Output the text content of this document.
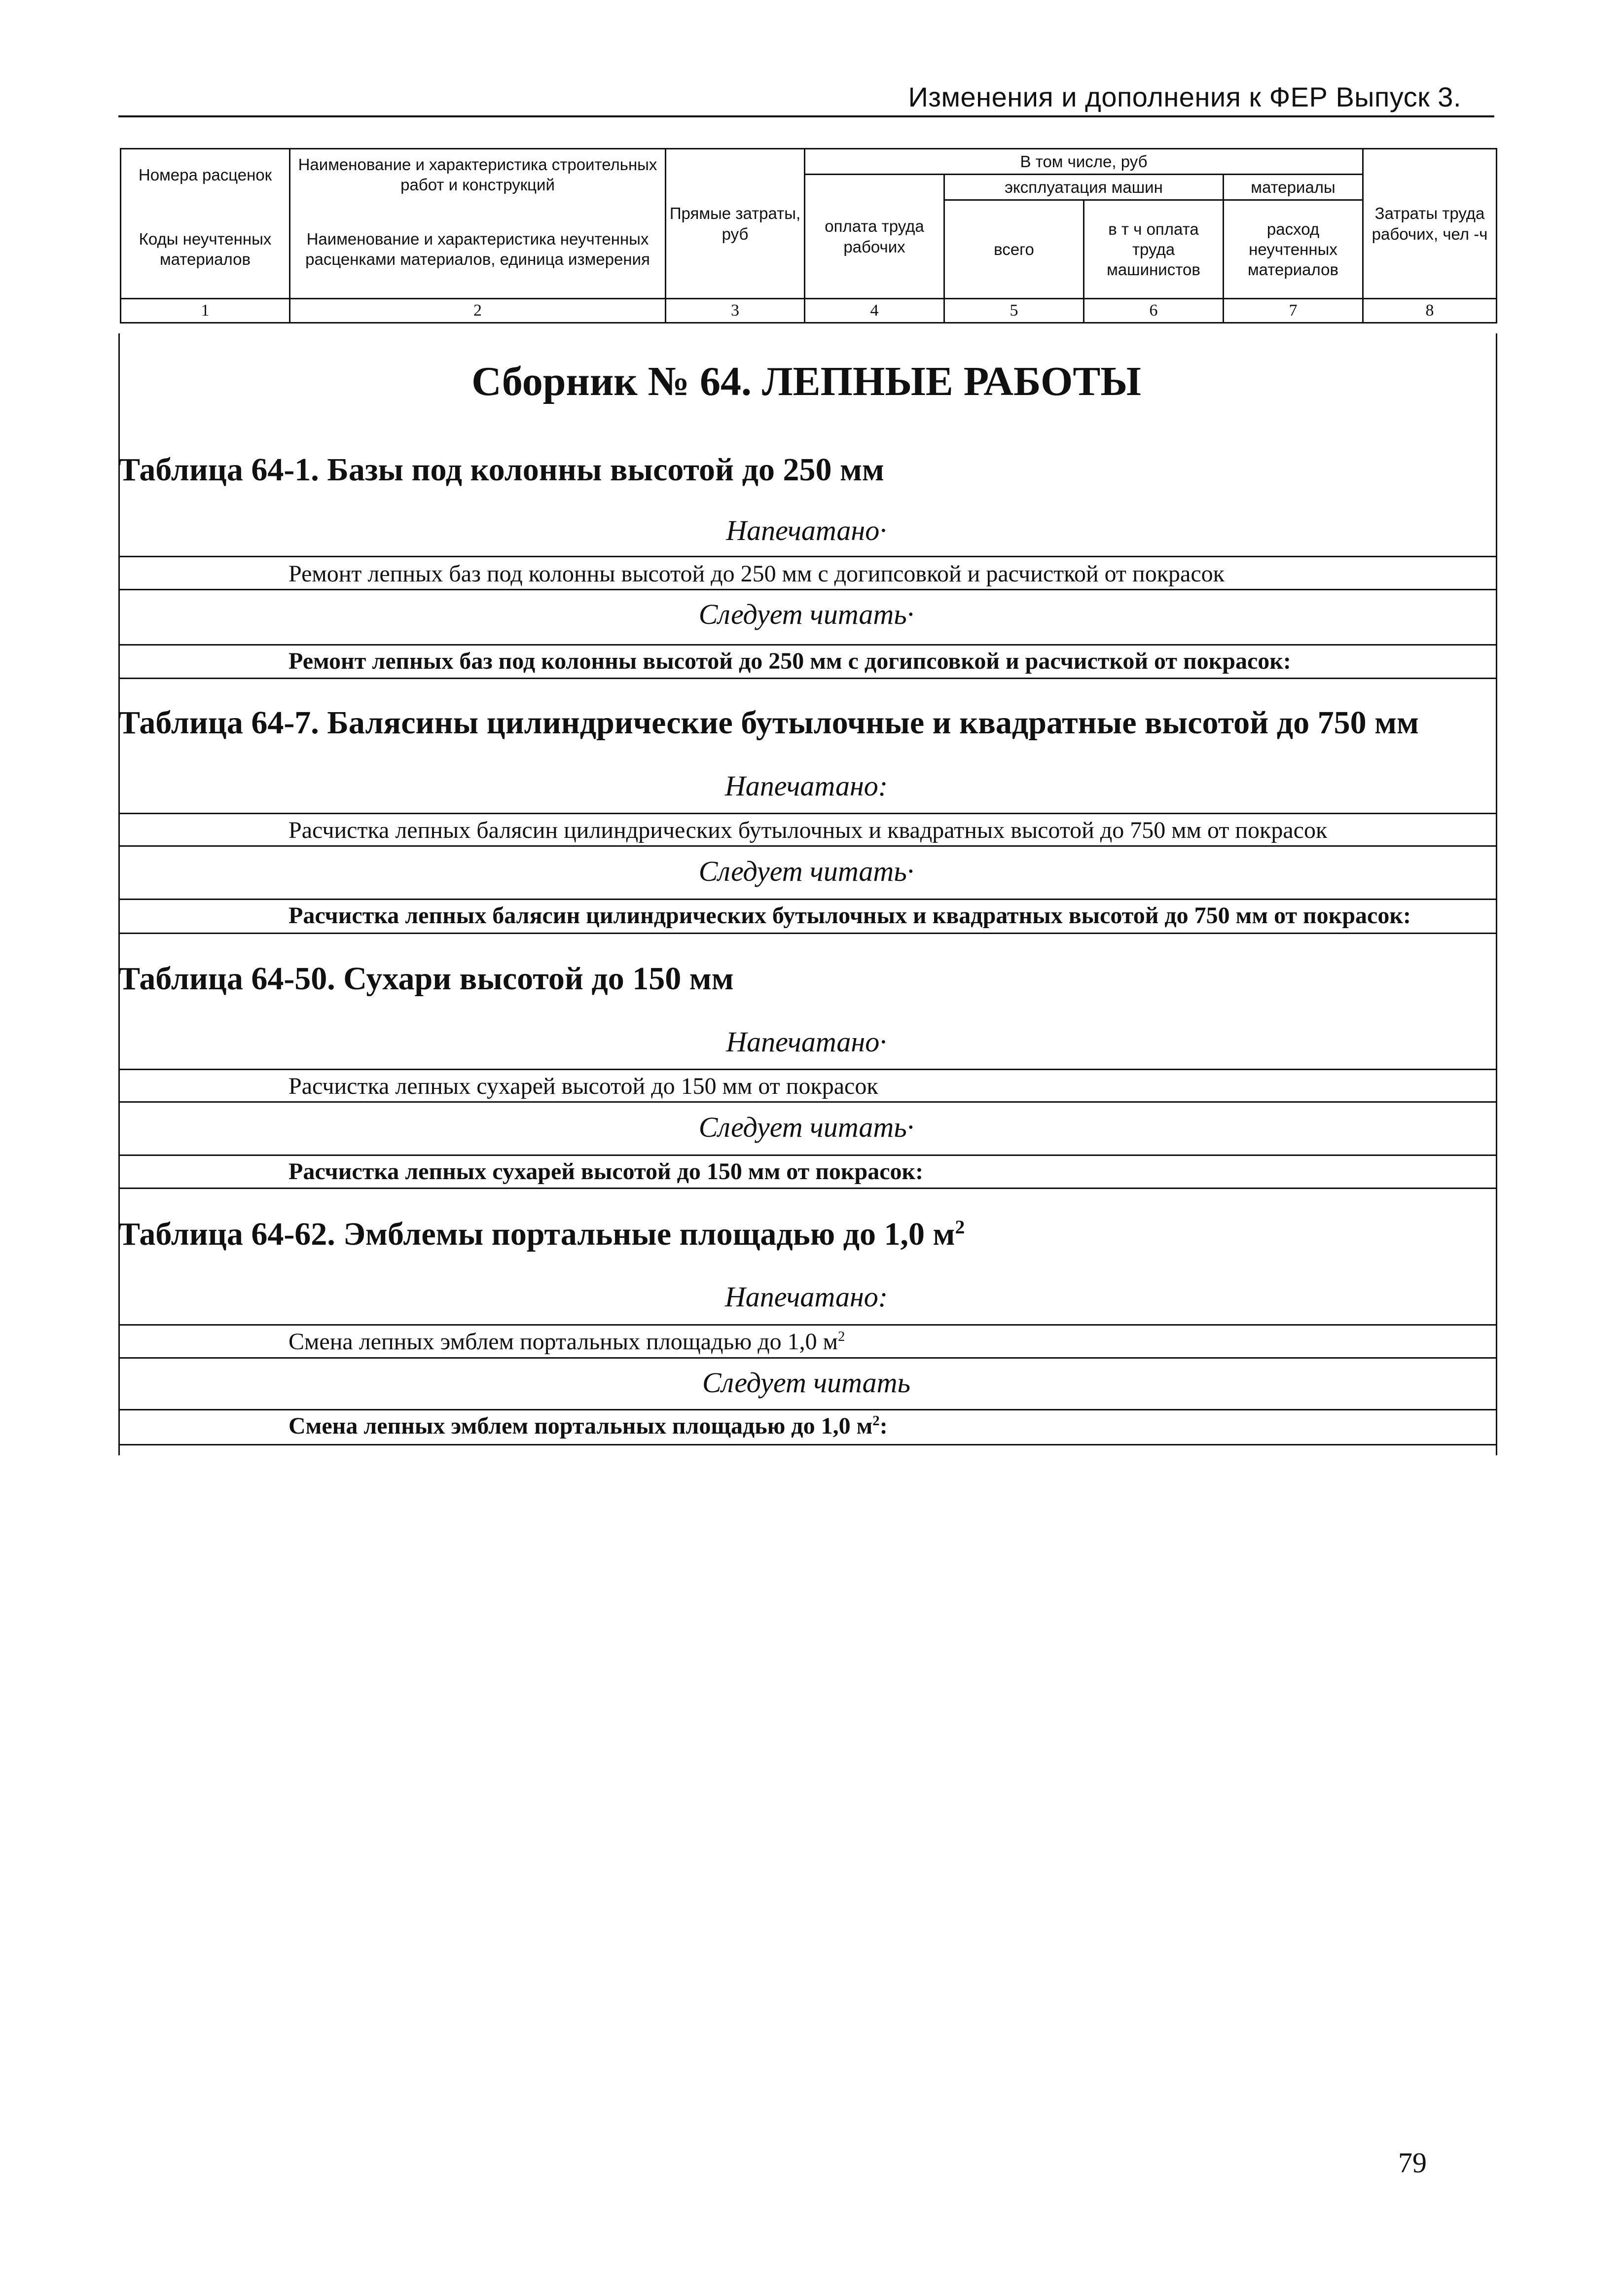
Изменения и дополнения к ФЕР Выпуск 3.
Номера расценок	Наименование и характеристика строительных работ и конструкций	Прямые затраты, руб	В том числе, руб				Затраты труда рабочих, чел -ч
			оплата труда рабочих	эксплуатация машин		материалы	
Коды неучтенных материалов	Наименование и характеристика неучтенных расценками материалов, единица измерения			всего	в т ч оплата труда машинистов	расход неучтенных материалов	

1	2	3	4	5	6	7	8
Сборник № 64. ЛЕПНЫЕ РАБОТЫ
Таблица 64-1. Базы под колонны высотой до 250 мм
Напечатано·
Ремонт лепных баз под колонны высотой до 250 мм с догипсовкой и расчисткой от покрасок
Следует читать·
Ремонт лепных баз под колонны высотой до 250 мм с догипсовкой и расчисткой от покрасок:
Таблица 64-7. Балясины цилиндрические бутылочные и квадратные высотой до 750 мм
Напечатано:
Расчистка лепных балясин цилиндрических бутылочных и квадратных высотой до 750 мм от покрасок
Следует читать·
Расчистка лепных балясин цилиндрических бутылочных и квадратных высотой до 750 мм от покрасок:
Таблица 64-50. Сухари высотой до 150 мм
Напечатано·
Расчистка лепных сухарей высотой до 150 мм от покрасок
Следует читать·
Расчистка лепных сухарей высотой до 150 мм от покрасок:
Таблица 64-62. Эмблемы портальные площадью до 1,0 $м^2$
Напечатано:
Смена лепных эмблем портальных площадью до 1,0 $м^2$
Следует читать
Смена лепных эмблем портальных площадью до 1,0 $м^2$:
79
